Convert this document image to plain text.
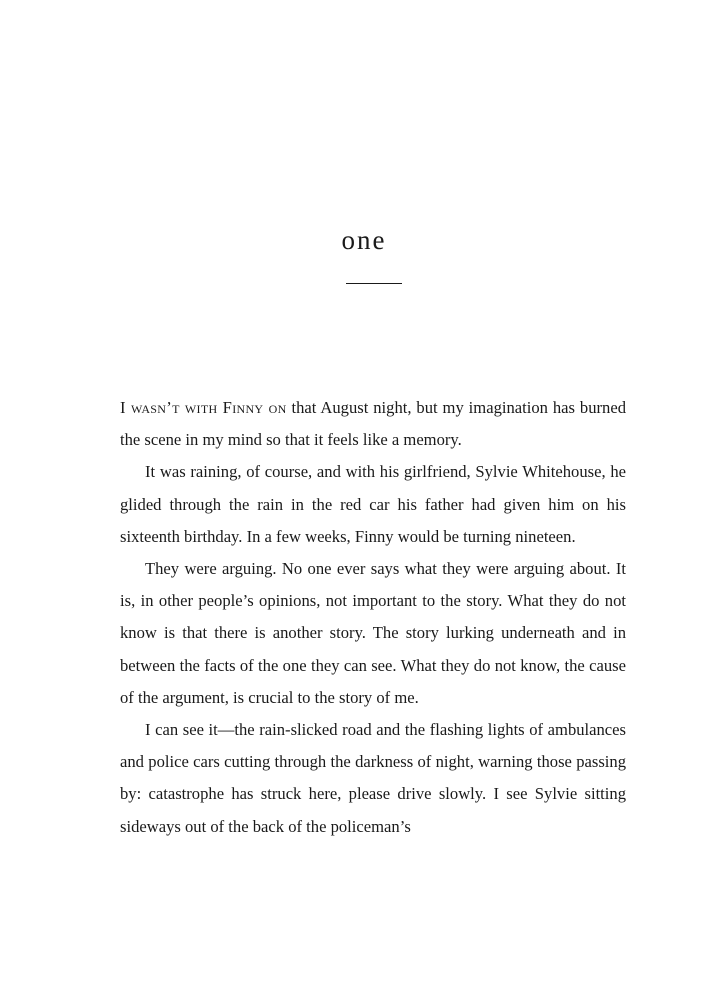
one

I wasn’t with Finny on that August night, but my imagination has burned the scene in my mind so that it feels like a memory.

It was raining, of course, and with his girlfriend, Sylvie Whitehouse, he glided through the rain in the red car his father had given him on his sixteenth birthday. In a few weeks, Finny would be turning nineteen.

They were arguing. No one ever says what they were arguing about. It is, in other people’s opinions, not important to the story. What they do not know is that there is another story. The story lurking underneath and in between the facts of the one they can see. What they do not know, the cause of the argument, is crucial to the story of me.

I can see it—the rain-slicked road and the flashing lights of ambulances and police cars cutting through the darkness of night, warning those passing by: catastrophe has struck here, please drive slowly. I see Sylvie sitting sideways out of the back of the policeman’s
